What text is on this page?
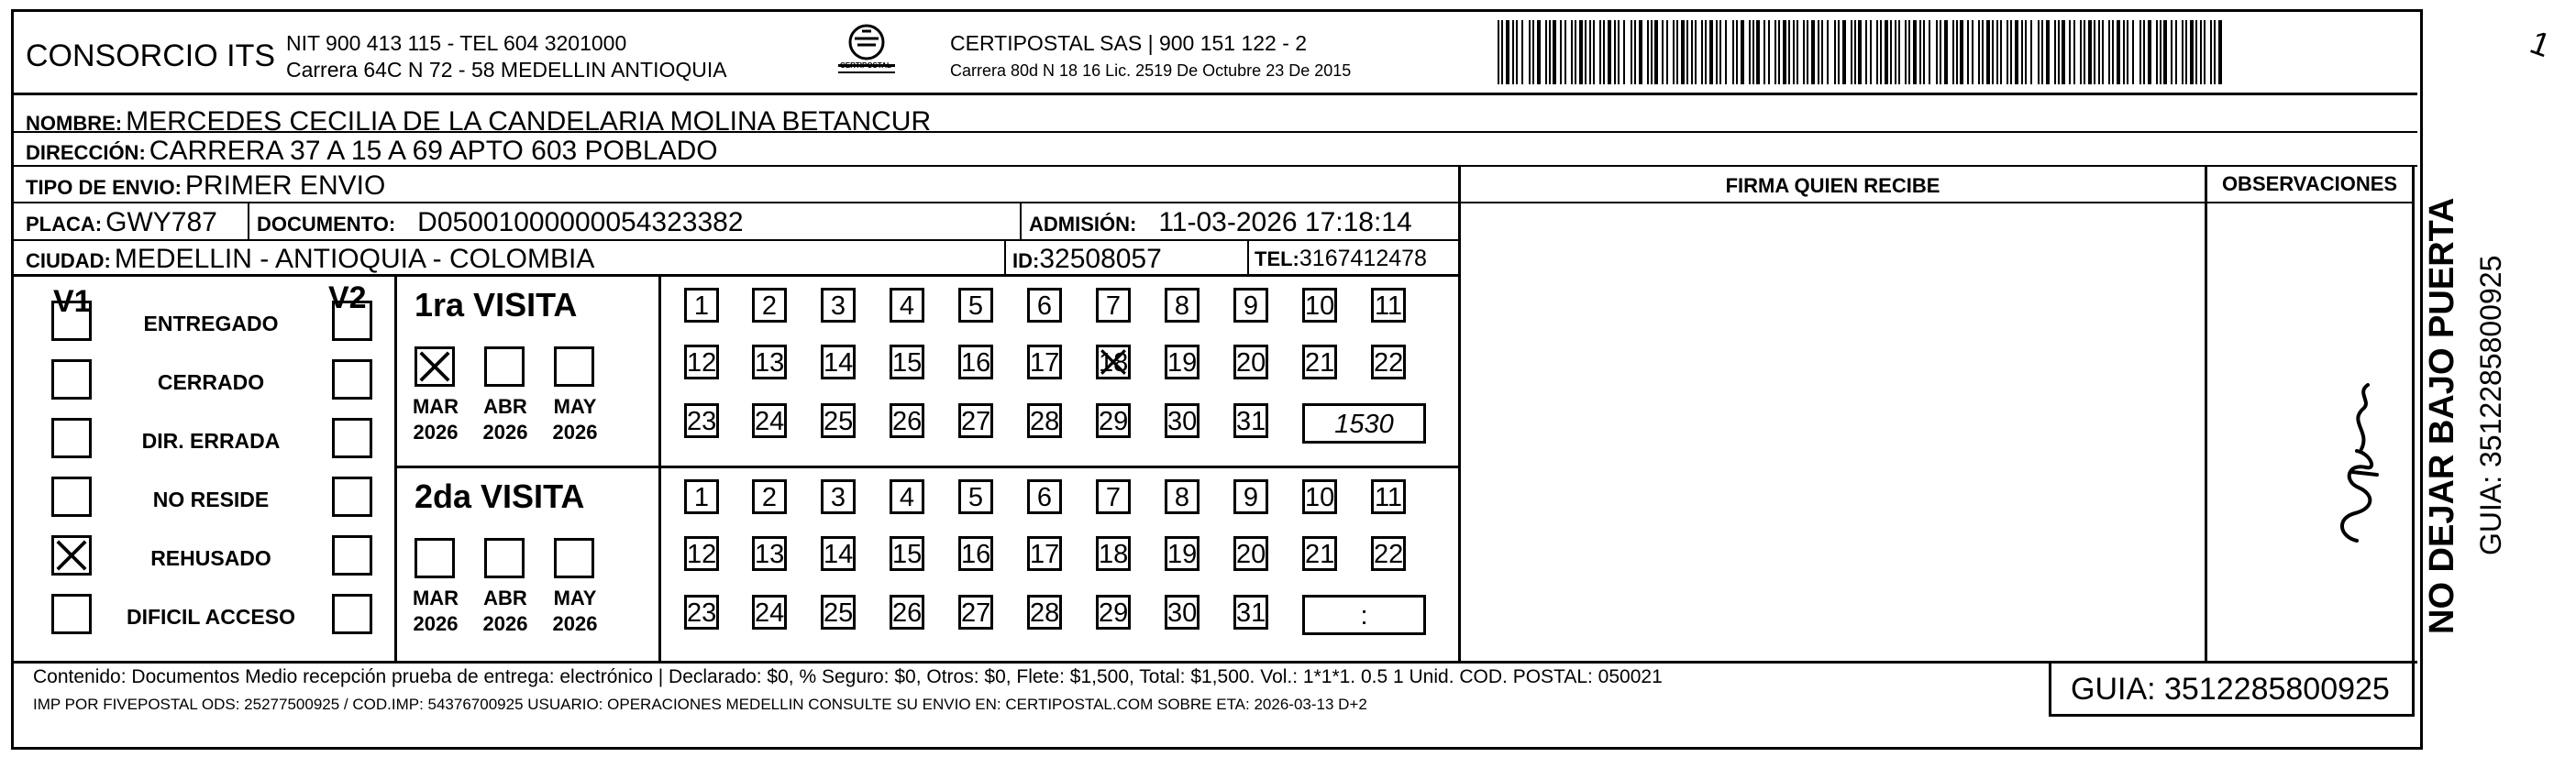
CONSORCIO ITS NIT 900 413 115 - TEL 604 3201000
Carrera 64C N 72 - 58 MEDELLIN ANTIOQUIA	CERTIPOSTAL
CERTIPOSTAL SAS | 900 151 122 - 2
Carrera 80d N 18 16 Lic. 2519 De Octubre 23 De 2015
1
NOMBRE: MERCEDES CECILIA DE LA CANDELARIA MOLINA BETANCUR
DIRECCIÓN: CARRERA 37 A 15 A 69 APTO 603 POBLADO
TIPO DE ENVIO: PRIMER ENVIO
PLACA: GWY787 DOCUMENTO: D05001000000054323382	ADMISIÓN: 11-03-2026 17:18:14
CIUDAD: MEDELLIN - ANTIOQUIA - COLOMBIA	ID:32508057	TEL:3167412478
FIRMA QUIEN RECIBE	OBSERVACIONES
V1	V2
ENTREGADO
CERRADO
DIR. ERRADA
NO RESIDE
REHUSADO
DIFICIL ACCESO
1ra VISITA
MAR
2026
ABR
2026
MAY
2026
1	2	3	4	5	6	7	8	9	10 11
12 13 14 15 16 17 18 19 20 21 22
23 24 25 26 27 28 29 30 31	1530
2da VISITA
MAR
2026
ABR
2026
MAY
2026
1	2	3	4	5	6	7	8	9	10 11
12 13 14 15 16 17 18 19 20 21 22
23 24 25 26 27 28 29 30 31	:
Contenido: Documentos Medio recepción prueba de entrega: electrónico | Declarado: $0, % Seguro: $0, Otros: $0, Flete: $1,500, Total: $1,500. Vol.: 1*1*1. 0.5 1 Unid. COD. POSTAL: 050021
IMP POR FIVEPOSTAL ODS: 25277500925 / COD.IMP: 54376700925 USUARIO: OPERACIONES MEDELLIN CONSULTE SU ENVIO EN: CERTIPOSTAL.COM SOBRE ETA: 2026-03-13 D+2	GUIA: 3512285800925
NO DEJAR BAJO PUERTA GUIA: 3512285800925
